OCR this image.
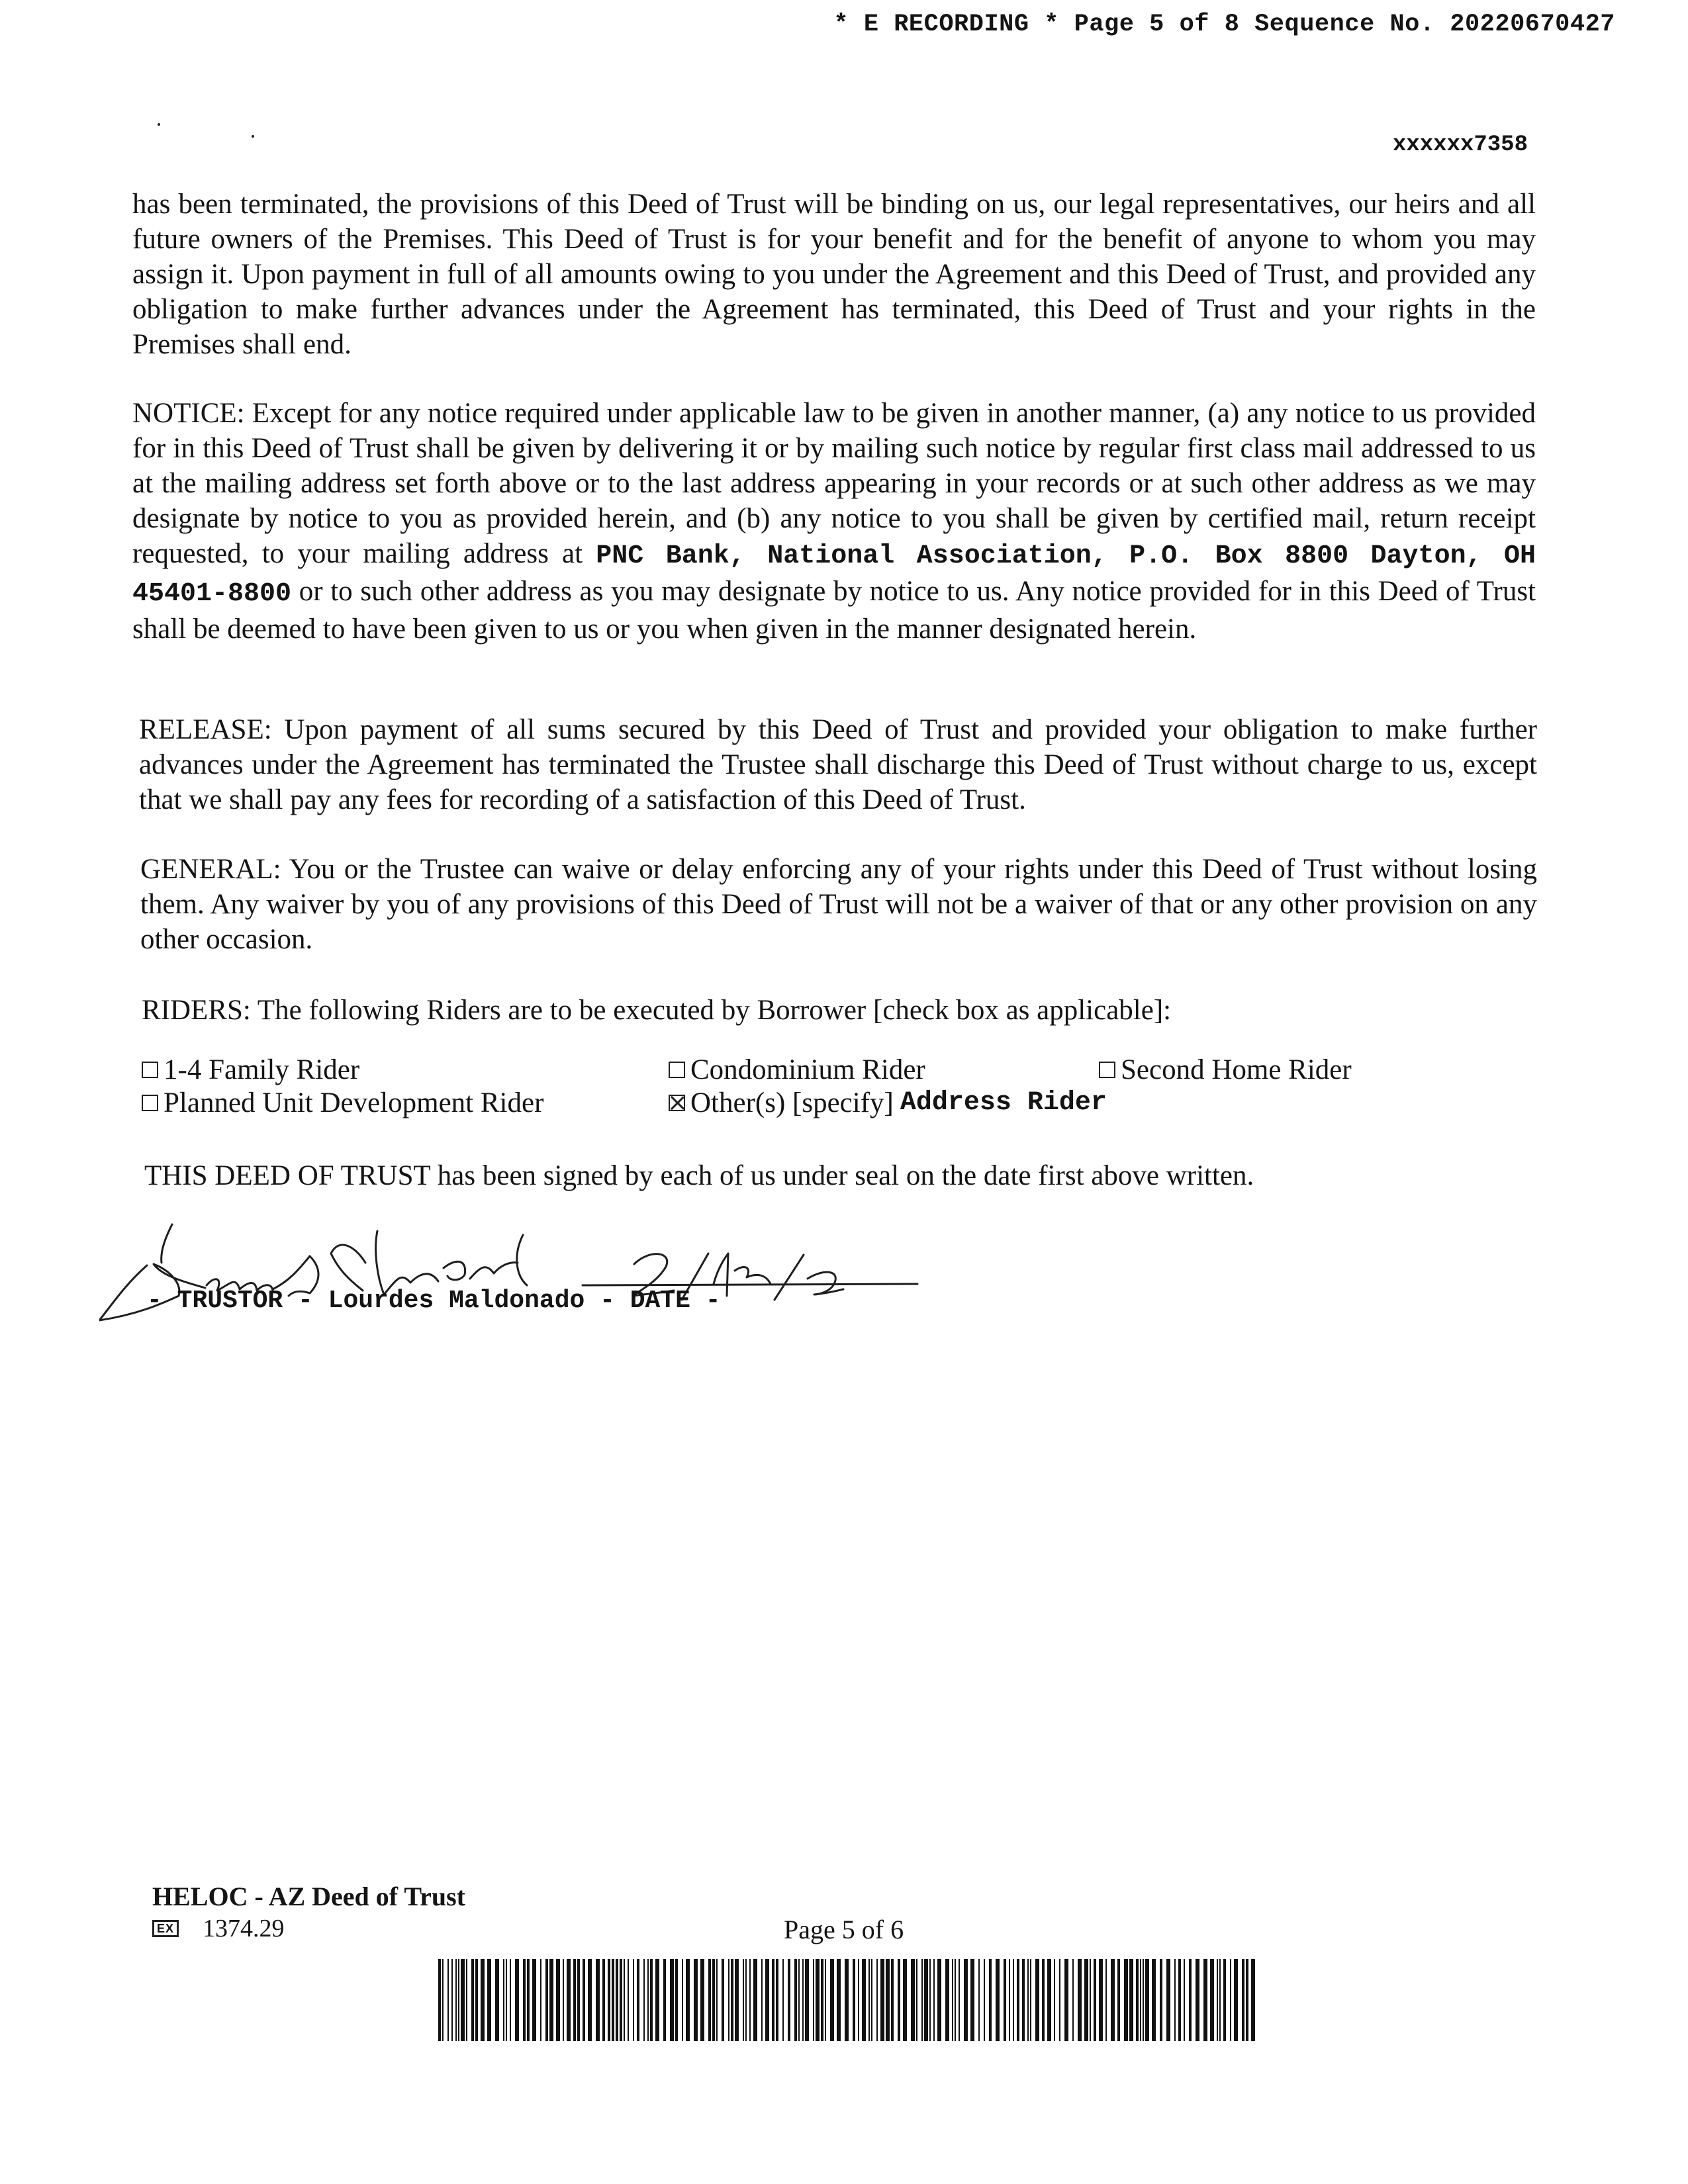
* E RECORDING * Page 5 of 8 Sequence No. 20220670427
xxxxxx7358
has been terminated, the provisions of this Deed of Trust will be binding on us, our legal representatives, our heirs and all future owners of the Premises. This Deed of Trust is for your benefit and for the benefit of anyone to whom you may assign it. Upon payment in full of all amounts owing to you under the Agreement and this Deed of Trust, and provided any obligation to make further advances under the Agreement has terminated, this Deed of Trust and your rights in the Premises shall end.
NOTICE: Except for any notice required under applicable law to be given in another manner, (a) any notice to us provided for in this Deed of Trust shall be given by delivering it or by mailing such notice by regular first class mail addressed to us at the mailing address set forth above or to the last address appearing in your records or at such other address as we may designate by notice to you as provided herein, and (b) any notice to you shall be given by certified mail, return receipt requested, to your mailing address at PNC Bank, National Association, P.O. Box 8800 Dayton, OH 45401-8800 or to such other address as you may designate by notice to us. Any notice provided for in this Deed of Trust shall be deemed to have been given to us or you when given in the manner designated herein.
RELEASE: Upon payment of all sums secured by this Deed of Trust and provided your obligation to make further advances under the Agreement has terminated the Trustee shall discharge this Deed of Trust without charge to us, except that we shall pay any fees for recording of a satisfaction of this Deed of Trust.
GENERAL: You or the Trustee can waive or delay enforcing any of your rights under this Deed of Trust without losing them. Any waiver by you of any provisions of this Deed of Trust will not be a waiver of that or any other provision on any other occasion.
RIDERS: The following Riders are to be executed by Borrower [check box as applicable]:
1-4 Family Rider	Condominium Rider	Second Home Rider
Planned Unit Development Rider	Other(s) [specify] Address Rider
THIS DEED OF TRUST has been signed by each of us under seal on the date first above written.
- TRUSTOR - Lourdes Maldonado - DATE -
HELOC - AZ Deed of Trust
EX 1374.29	Page 5 of 6
